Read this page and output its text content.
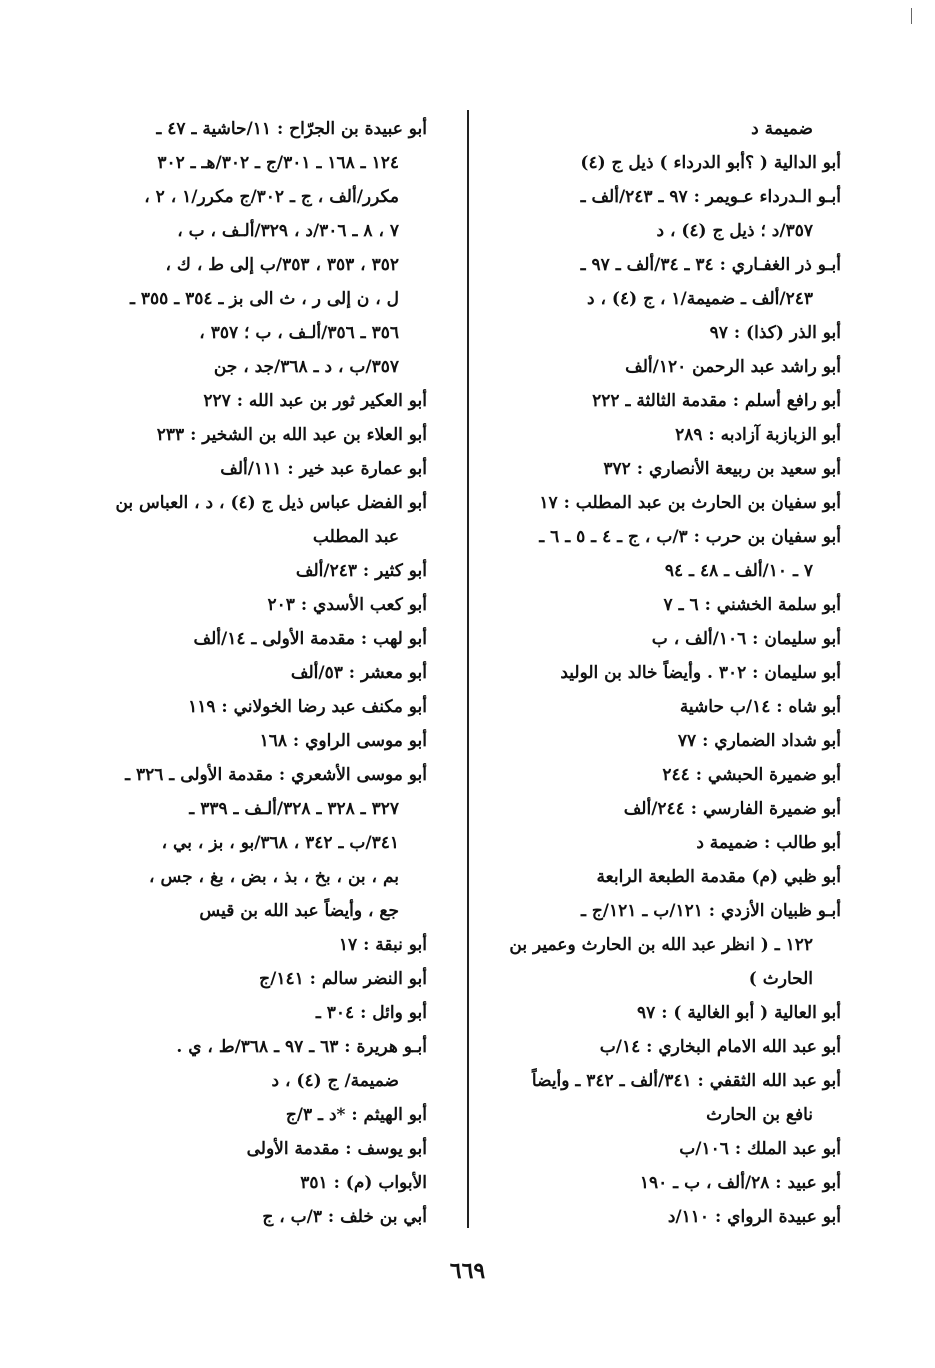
ضميمة د
أبو الدالية ( ؟أبو الدرداء ) ذيل ج (٤)
أبـو الـدرداء عـويمر : ٩٧ ـ ٢٤٣/ألف ـ
٣٥٧/د ؛ ذيل ج (٤) ، د
أبـو ذر الغفـاري : ٣٤ ـ ٣٤/ألف ـ ٩٧ ـ
٢٤٣/ألف ـ ضميمة/١ ، ج (٤) ، د
أبو الذر (كذا) : ٩٧
أبو راشد عبد الرحمن ١٢٠/ألف
أبو رافع أسلم : مقدمة الثالثة ـ ٢٢٢
أبو الزبازبة آزادبه : ٢٨٩
أبو سعيد بن ربيعة الأنصاري : ٣٧٢
أبو سفيان بن الحارث بن عبد المطلب : ١٧
أبو سفيان بن حرب : ٣/ب ، ج ـ ٤ ـ ٥ ـ ٦ ـ
٧ ـ ١٠/ألف ـ ٤٨ ـ ٩٤
أبو سلمة الخشني : ٦ ـ ٧
أبو سليمان : ١٠٦/ألف ، ب
أبو سليمان : ٣٠٢ . وأيضاً خالد بن الوليد
أبو شاه : ١٤/ب حاشية
أبو شداد الضماري : ٧٧
أبو ضميرة الحبشي : ٢٤٤
أبو ضميرة الفارسي : ٢٤٤/ألف
أبو طالب : ضميمة د
أبو ظبي (م) مقدمة الطبعة الرابعة
أبـو ظبيان الأزدي : ١٢١/ب ـ ١٢١/ج ـ
١٢٢ ـ ( انظر عبد الله بن الحارث وعمير بن
الحارث )
أبو العالية ( أبو الغالية ) : ٩٧
أبو عبد الله الامام البخاري : ١٤/ب
أبو عبد الله الثقفي : ٣٤١/ألف ـ ٣٤٢ ـ وأيضاً
نافع بن الحارث
أبو عبد الملك : ١٠٦/ب
أبو عبيد : ٢٨/ألف ، ب ـ ١٩٠
أبو عبيدة الرواي : ١١٠/د
أبو عبيدة بن الجرّاح : ١١/حاشية ـ ٤٧ ـ
١٢٤ ـ ١٦٨ ـ ٣٠١/ج ـ ٣٠٢/هـ ـ ٣٠٢
مكرر/ألف ، ج ـ ٣٠٢/ج مكرر/١ ، ٢ ،
٧ ، ٨ ـ ٣٠٦/د ، ٣٢٩/ألـف ، ب ،
٣٥٢ ، ٣٥٣ ، ٣٥٣/ب إلى ط ، ك ،
ل ، ن إلى ر ، ث الى بز ـ ٣٥٤ ـ ٣٥٥ ـ
٣٥٦ ـ ٣٥٦/ألـف ، ب ؛ ٣٥٧ ،
٣٥٧/ب ، د ـ ٣٦٨/جد ، جن
أبو العكير ثور بن عبد الله : ٢٢٧
أبو العلاء بن عبد الله بن الشخير : ٢٣٣
أبو عمارة عبد خير : ١١١/ألف
أبو الفضل عباس ذيل ج (٤) ، د ، العباس بن
عبد المطلب
أبو كثير : ٢٤٣/ألف
أبو كعب الأسدي : ٢٠٣
أبو لهب : مقدمة الأولى ـ ١٤/ألف
أبو معشر : ٥٣/ألف
أبو مكنف عبد رضا الخولاني : ١١٩
أبو موسى الراوي : ١٦٨
أبو موسى الأشعري : مقدمة الأولى ـ ٣٢٦ ـ
٣٢٧ ـ ٣٢٨ ـ ٣٢٨/ألـف ـ ٣٣٩ ـ
٣٤١/ب ـ ٣٤٢ ، ٣٦٨/بو ، بز ، بي ،
بم ، بن ، بخ ، بذ ، بض ، بغ ، جس ،
جع ، وأيضاً عبد الله بن قيس
أبو نبقة : ١٧
أبو النضر سالم : ١٤١/ج
أبو وائل : ٣٠٤ ـ
أبـو هريرة : ٦٣ ـ ٩٧ ـ ٣٦٨/ط ، ي .
ضميمة/ ج (٤) ، د
أبو الهيثم : *د ـ ٣/ج
أبو يوسف : مقدمة الأولى
الأبواب (م) : ٣٥١
أبي بن خلف : ٣/ب ، ج
٦٦٩
